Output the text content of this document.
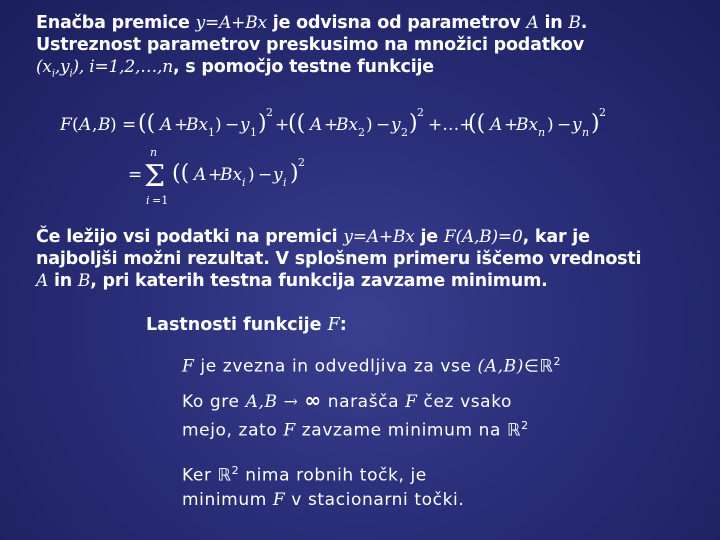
Enačba premice y=A+Bx je odvisna od parametrov A in B.
Ustreznost parametrov preskusimo na množici podatkov
$(x_i,y_i)$, i=1,2,…,n, s pomočjo testne funkcije
F ( A , B ) = (( A +
Bx 1 ) − y 1 ) 2
+
(( A +
Bx 2 ) − y 2 ) 2
+…+
(( A +
Bx n ) − y n ) 2
=
n
Σ
i =1
(( A +
Bx i ) − y i ) 2
Če ležijo vsi podatki na premici y=A+Bx je F(A,B)=0, kar je
najboljši možni rezultat. V splošnem primeru iščemo vrednosti
A in B, pri katerih testna funkcija zavzame minimum.
Lastnosti funkcije F:
F je zvezna in odvedljiva za vse (A,B)∈ℝ$^2$
Ko gre A,B → ∞ narašča F čez vsako
mejo, zato F zavzame minimum na ℝ$^2$
Ker ℝ$^2$ nima robnih točk, je
minimum F v stacionarni točki.
